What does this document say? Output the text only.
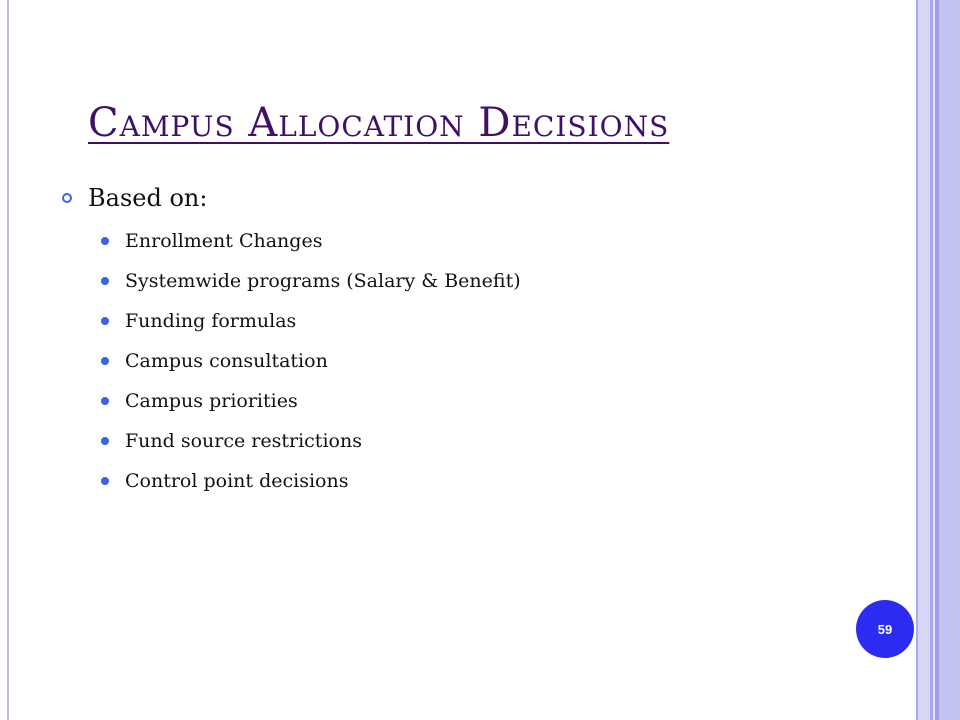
Campus Allocation Decisions
Based on:
Enrollment Changes
Systemwide programs (Salary & Benefit)
Funding formulas
Campus consultation
Campus priorities
Fund source restrictions
Control point decisions
59
